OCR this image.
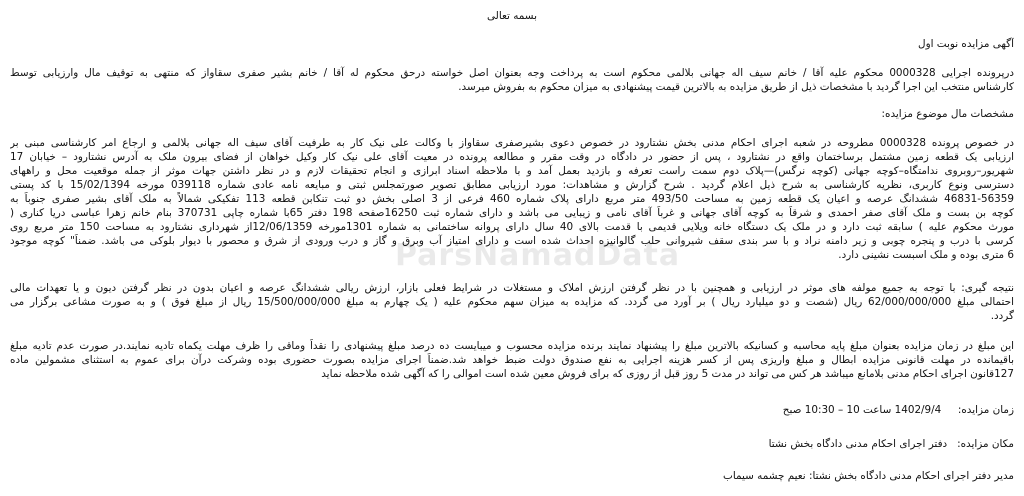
بسمه تعالی
آگهی مزایده نوبت اول
درپرونده اجرایی 0000328 محکوم علیه آقا / خانم سیف اله جهانی بلالمی محکوم است به پرداخت وجه بعنوان اصل خواسته درحق محکوم له آقا / خانم بشیر صفری سقاواز که منتهی به توقیف مال وارزیابی توسط
کارشناس منتخب این اجرا گردید با مشخصات ذیل از طریق مزایده به بالاترین قیمت پیشنهادی به میزان محکوم به بفروش میرسد.
مشخصات مال موضوع مزایده:
در خصوص پرونده 0000328 مطروحه در شعبه اجرای احکام مدنی بخش نشتارود در خصوص دعوی بشیرصفری سقاواز با وکالت علی نیک کار به طرفیت آقای سیف اله جهانی بلالمی و ارجاع امر کارشناسی مبنی بر
ارزیابی یک قطعه زمین مشتمل برساختمان واقع در نشتارود ، پس از حضور در دادگاه در وقت مقرر و مطالعه پرونده در معیت آقای علی نیک کار وکیل خواهان از فضای بیرون ملک به آدرس نشتارود – خیابان 17
شهریور–روبروی ندامتگاه–کوچه جهانی (کوچه نرگس)—پلاک دوم سمت راست تعرفه و بازدید بعمل آمد و با ملاحظه اسناد ابرازی و انجام تحقیقات لازم و در نظر داشتن جهات موثر از جمله موقعیت محل و راههای
دسترسی ونوع کاربری، نظریه کارشناسی به شرح ذیل اعلام گردید . شرح گزارش و مشاهدات: مورد ارزیابی مطابق تصویر صورتمجلس ثبتی و مبایعه نامه عادی شماره 039118 مورخه 15/02/1394 با کد پستی
46831-56359 ششدانگ عرصه و اعیان یک قطعه زمین به مساحت 493/50 متر مربع دارای پلاک شماره 460 فرعی از 3 اصلی بخش دو ثبت تنکابن قطعه 113 تفکیکی شمالاً به ملک آقای بشیر صفری جنوباً به
کوچه بن بست و ملک آقای صفر احمدی و شرقاً به کوچه آقای جهانی و غرباً آقای نامی و زیبایی می باشد و دارای شماره ثبت 16250صفحه 198 دفتر 65با شماره چاپی 370731 بنام خانم زهرا عباسی دریا کناری (
مورث محکوم علیه ) سابقه ثبت دارد و در ملک یک دستگاه خانه ویلایی قدیمی با قدمت بالای 40 سال دارای پروانه ساختمانی به شماره 1301مورخه 12/06/1359از شهرداری نشتارود به مساحت 150 متر مربع روی
کرسی با درب و پنجره چوبی و زیر دامنه نراد و با سر بندی سقف شیروانی حلب گالوانیزه احداث شده است و دارای امتیاز آب وبرق و گاز و درب ورودی از شرق و محصور با دیوار بلوکی می باشد. ضمناً" کوچه موجود
6 متری بوده و ملک اسبست نشینی دارد.
نتیجه گیری: با توجه به جمیع مولفه های موثر در ارزیابی و همچنین با در نظر گرفتن ارزش املاک و مستغلات در شرایط فعلی بازار، ارزش ریالی ششدانگ عرصه و اعیان بدون در نظر گرفتن دیون و یا تعهدات مالی
احتمالی مبلغ 62/000/000/000 ریال (شصت و دو میلیارد ریال ) بر آورد می گردد. که مزایده به میزان سهم محکوم علیه ( یک چهارم به مبلغ 15/500/000/000 ریال از مبلغ فوق ) و به صورت مشاعی برگزار می
گردد.
این مبلغ در زمان مزایده بعنوان مبلغ پایه محاسبه و کسانیکه بالاترین مبلغ را پیشنهاد نمایند برنده مزایده محسوب و میبایست ده درصد مبلغ پیشنهادی را نقداً وماقی را ظرف مهلت یکماه تادیه نمایند.در صورت عدم تادیه مبلغ
باقیمانده در مهلت قانونی مزایده ابطال و مبلغ واریزی پس از کسر هزینه اجرایی به نفع صندوق دولت ضبط خواهد شد.ضمناً اجرای مزایده بصورت حضوری بوده وشرکت درآن برای عموم به استثنای مشمولین ماده
127قانون اجرای احکام مدنی بلامانع میباشد هر کس می تواند در مدت 5 روز قبل از روزی که برای فروش معین شده است اموالی را که آگهی شده ملاحظه نماید
زمان مزایده:     1402/9/4 ساعت 10 – 10:30 صبح
مکان مزایده:   دفتر اجرای احکام مدنی دادگاه بخش نشتا
مدیر دفتر اجرای احکام مدنی دادگاه بخش نشتا: نعیم چشمه سیماب
ParsNamadData
